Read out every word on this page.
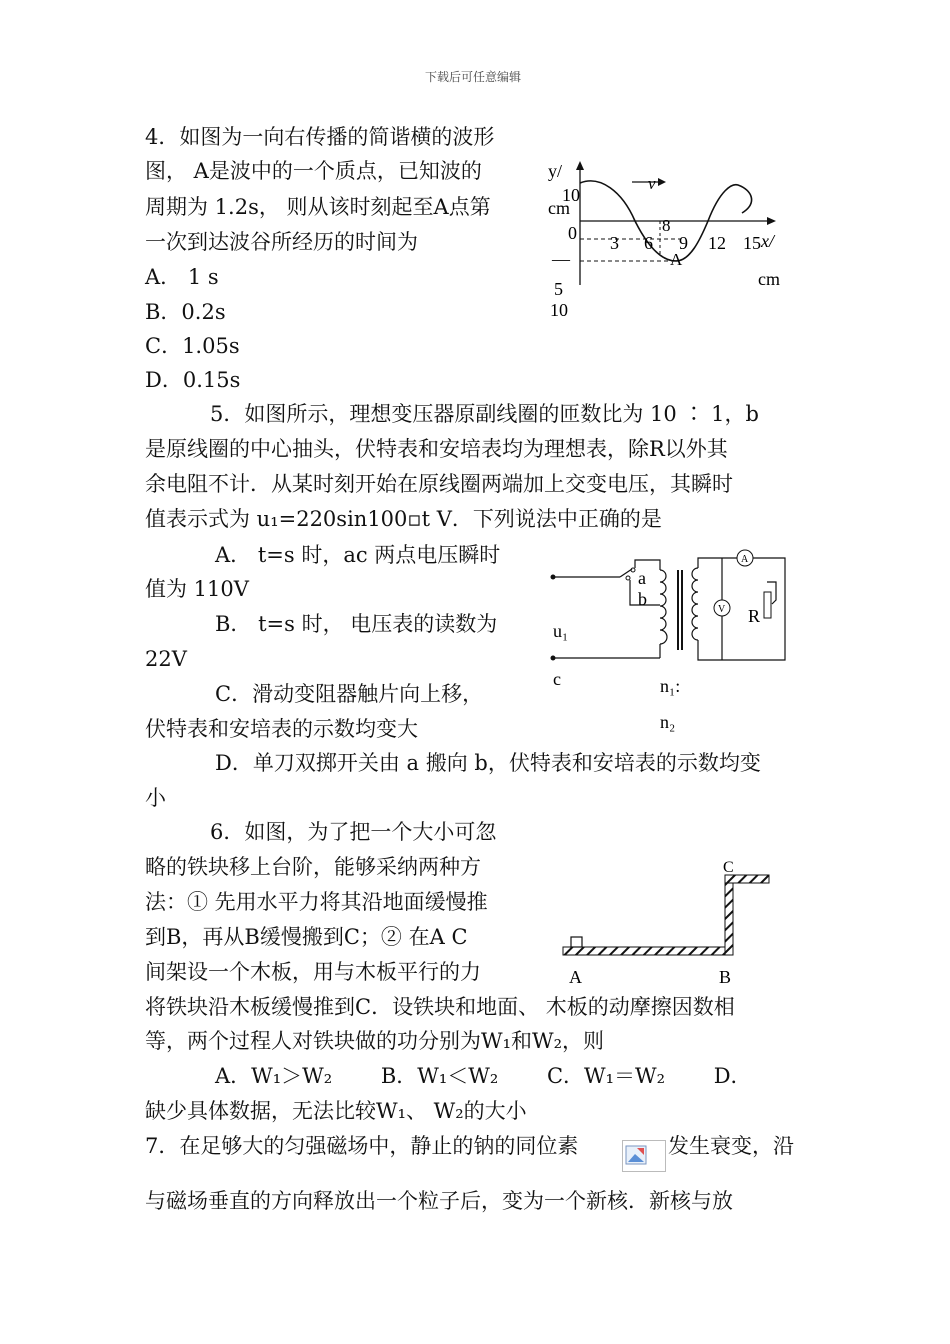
下载后可任意编辑
4．如图为一向右传播的简谐横的波形
图， A是波中的一个质点，已知波的
周期为 1.2s， 则从该时刻起至A点第
一次到达波谷所经历的时间为
A． 1 s
B．0.2s
C．1.05s
D．0.15s
v
y/
10
cm
0 3 6 9 12 15 x/
cm
8
A
—
5
10
5．如图所示，理想变压器原副线圈的匝数比为 10 ∶ 1，b
是原线圈的中心抽头，伏特表和安培表均为理想表，除R以外其
余电阻不计．从某时刻开始在原线圈两端加上交变电压，其瞬时
值表示式为 u₁=220sin100▫t V．下列说法中正确的是
A． t=s 时，ac 两点电压瞬时
值为 110V
B． t=s 时， 电压表的读数为
22V
C．滑动变阻器触片向上移，
伏特表和安培表的示数均变大
D．单刀双掷开关由 a 搬向 b，伏特表和安培表的示数均变
小
V
A
a
b
u₁
c
R
n₁:
n₂
6．如图，为了把一个大小可忽
略的铁块移上台阶，能够采纳两种方
法：① 先用水平力将其沿地面缓慢推
到B，再从B缓慢搬到C；② 在A C
间架设一个木板，用与木板平行的力
将铁块沿木板缓慢推到C．设铁块和地面、 木板的动摩擦因数相
等，两个过程人对铁块做的功分别为W₁和W₂，则
A．W₁＞W₂　　 B．W₁＜W₂　　 C．W₁＝W₂　　 D．
缺少具体数据，无法比较W₁、 W₂的大小
A	B
C
7．在足够大的匀强磁场中，静止的钠的同位素	发生衰变，沿
与磁场垂直的方向释放出一个粒子后，变为一个新核．新核与放
